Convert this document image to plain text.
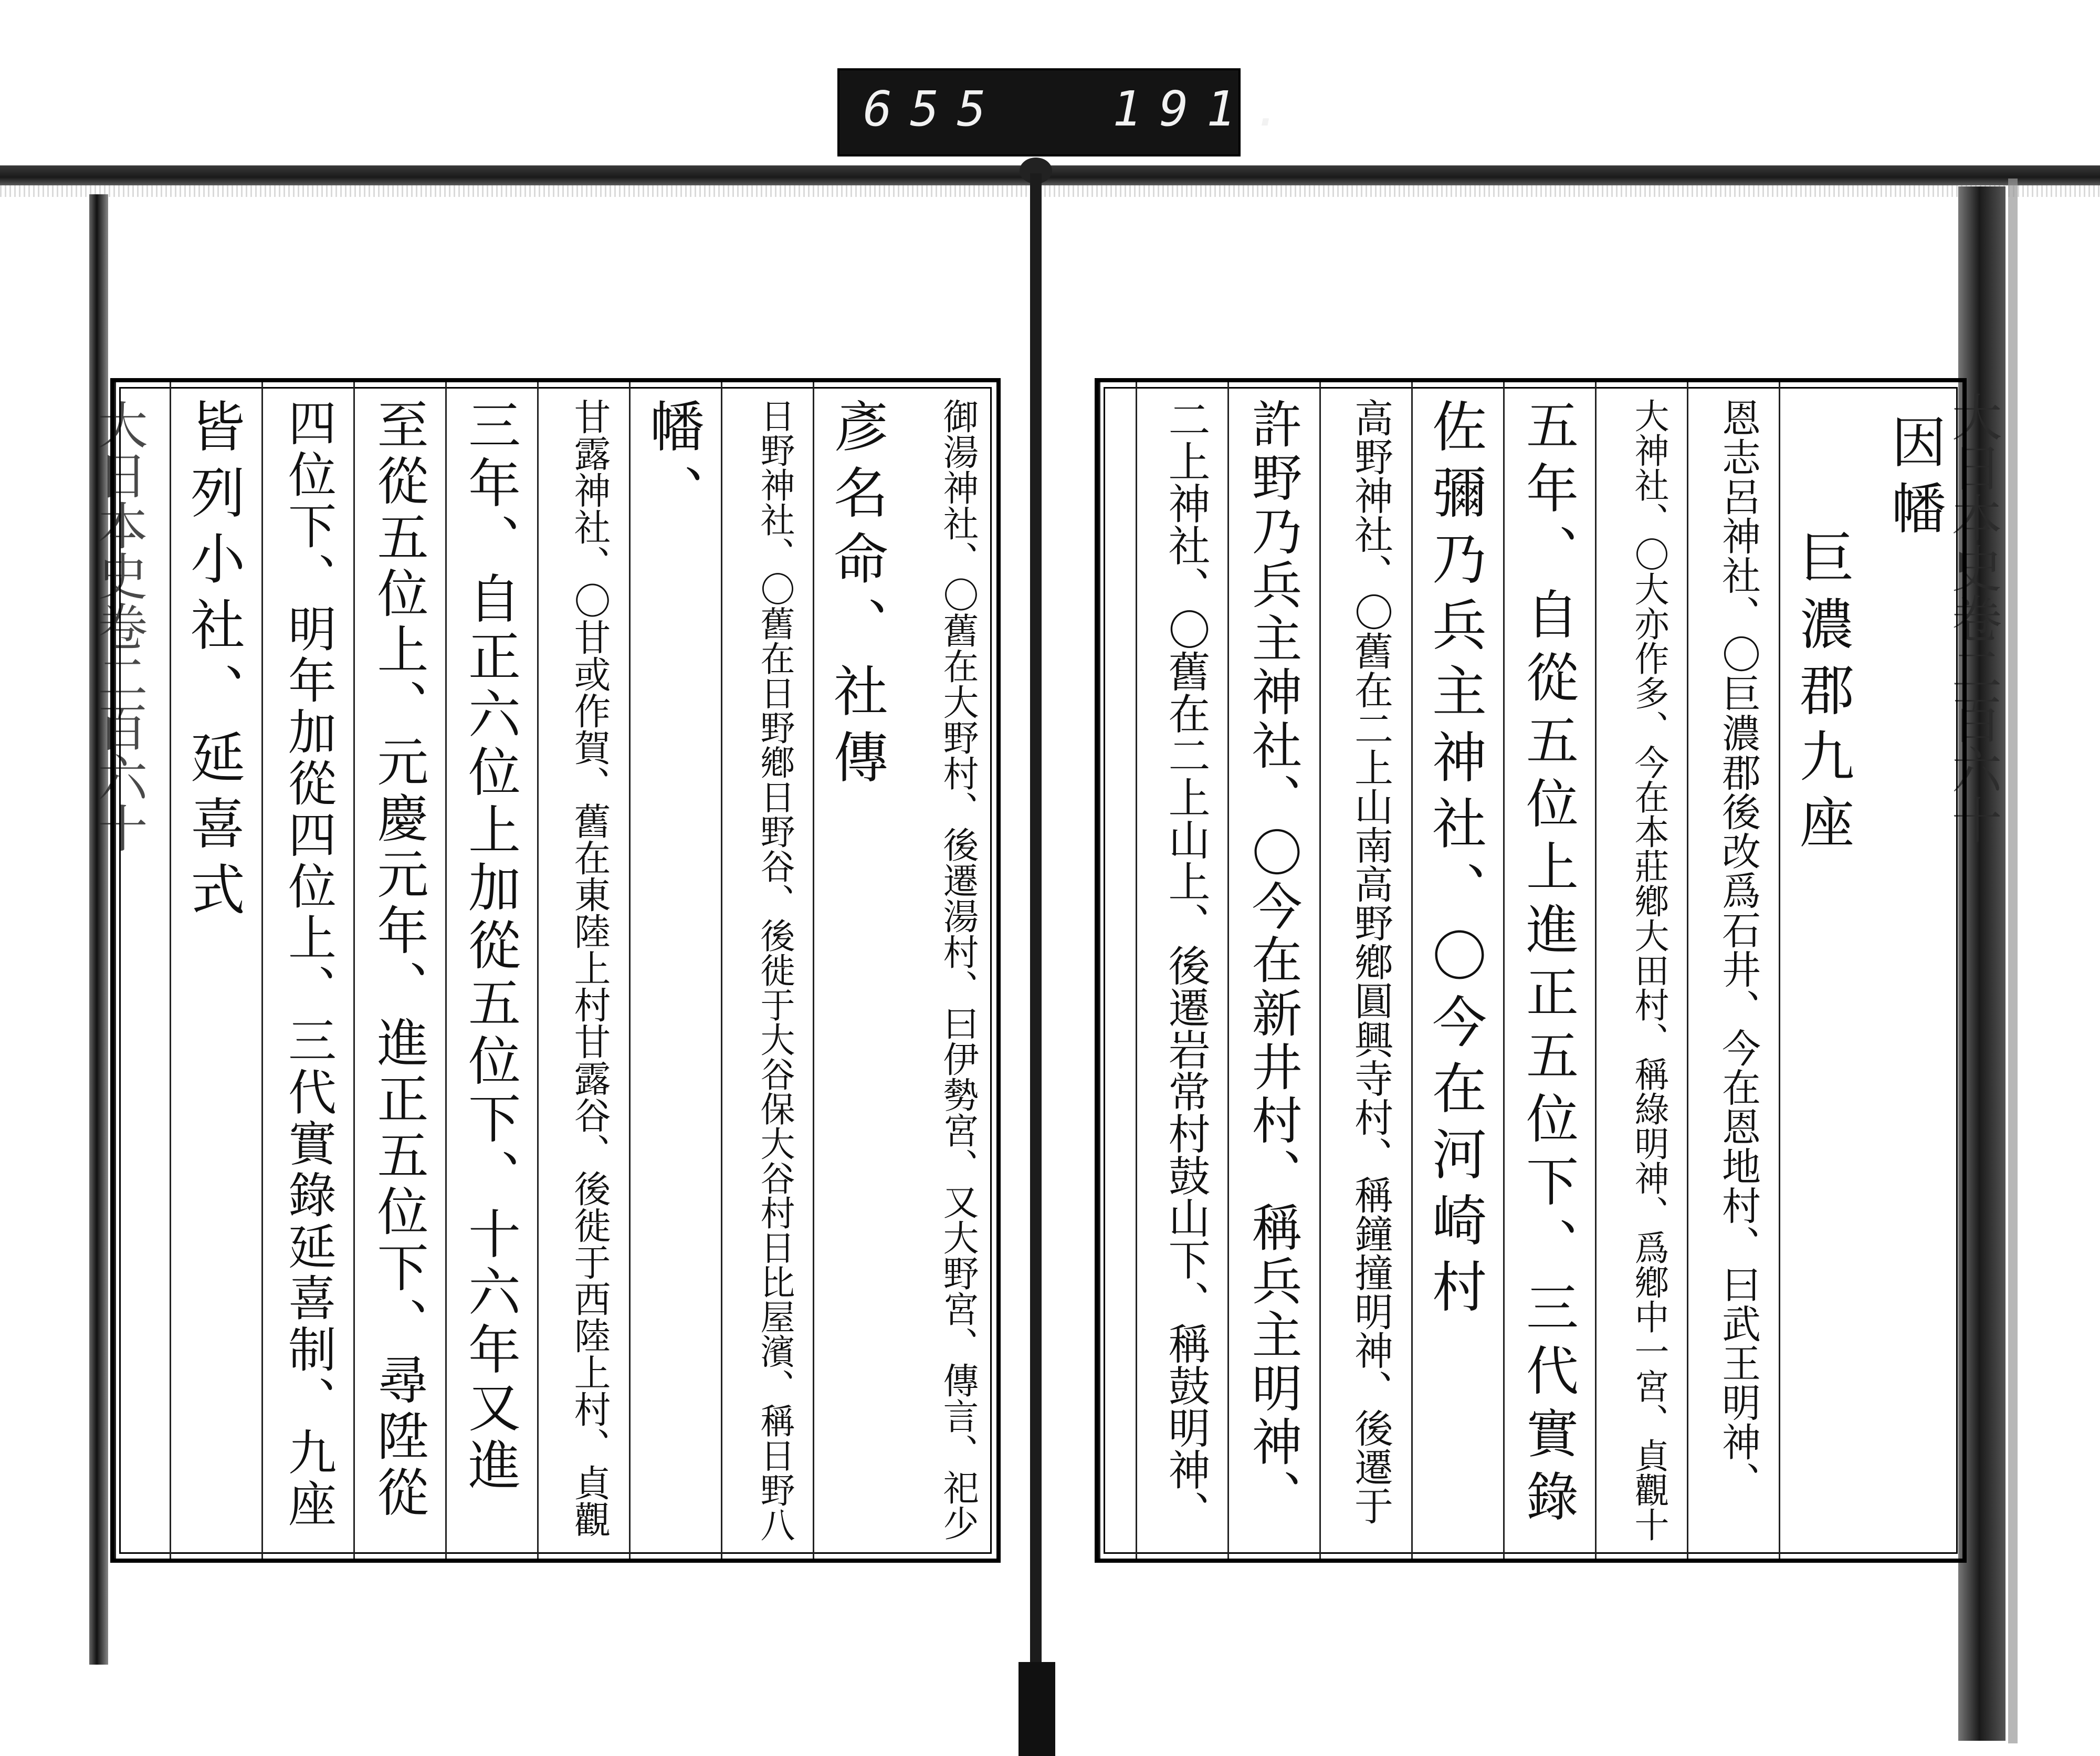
655 191.
大日本史卷二百六十	大日本史卷二百六十
因幡
巨濃郡九座
恩志呂神社、〇巨濃郡後改爲石井、今在恩地村、曰武王明神、
大神社、〇大亦作多、今在本莊鄕大田村、稱綠明神、爲鄕中一宮、貞觀十
五年、自從五位上進正五位下、三代實錄
佐彌乃兵主神社、〇今在河崎村
高野神社、〇舊在二上山南高野鄕圓興寺村、稱鐘撞明神、後遷于
許野乃兵主神社、〇今在新井村、稱兵主明神、
二上神社、〇舊在二上山上、後遷岩常村鼓山下、稱鼓明神、
御湯神社、〇舊在大野村、後遷湯村、曰伊勢宮、又大野宮、傳言、祀少
彥名命、社傳
日野神社、〇舊在日野鄕日野谷、後徙于大谷保大谷村日比屋濱、稱日野八
幡、
甘露神社、〇甘或作賀、舊在東陸上村甘露谷、後徙于西陸上村、貞觀
三年、自正六位上加從五位下、十六年又進
至從五位上、元慶元年、進正五位下、尋陞從
四位下、明年加從四位上、三代實錄延喜制、九座
皆列小社、延喜式
